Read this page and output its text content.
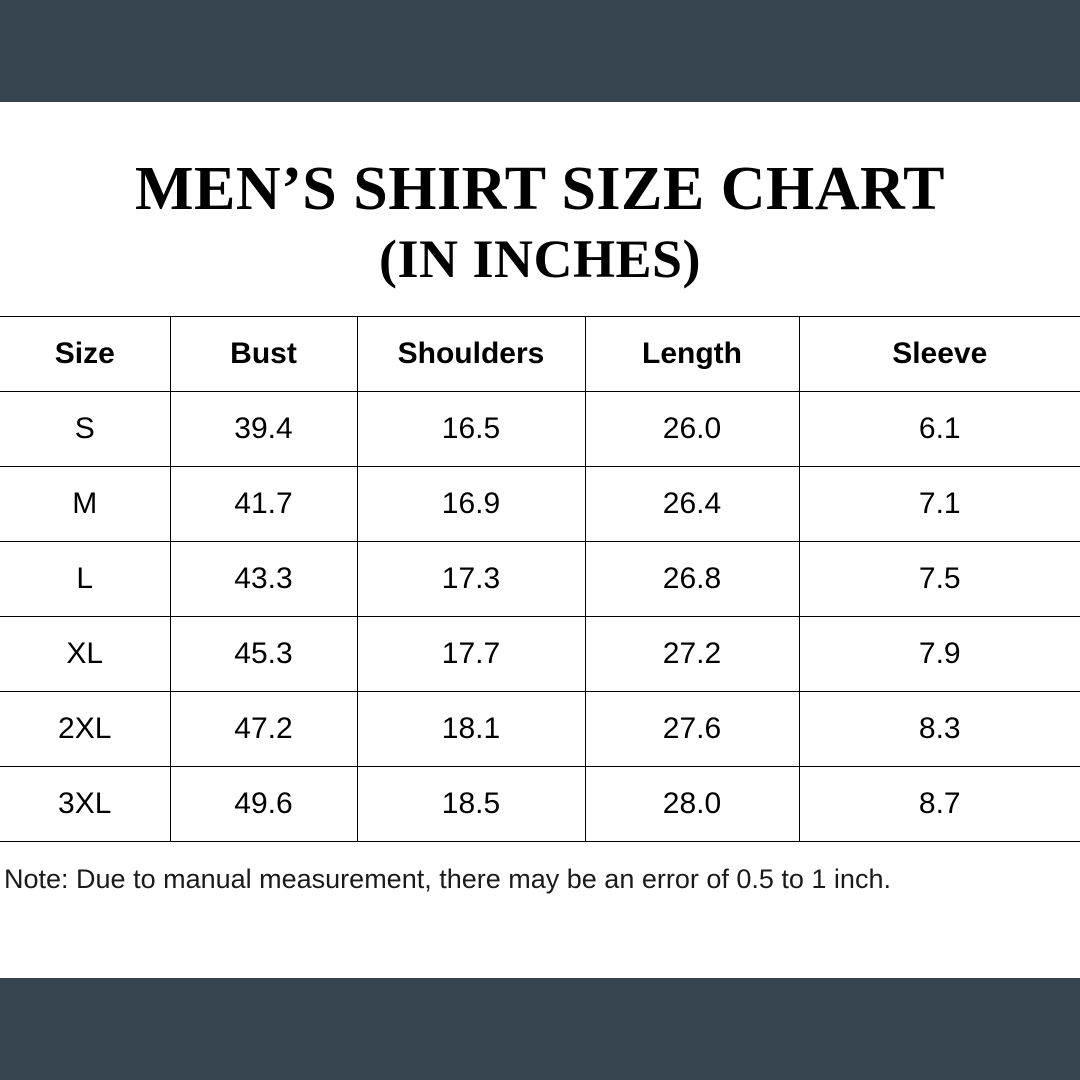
MEN’S SHIRT SIZE CHART
(IN INCHES)
Size	Bust	Shoulders	Length	Sleeve
S	39.4	16.5	26.0	6.1
M	41.7	16.9	26.4	7.1
L	43.3	17.3	26.8	7.5
XL	45.3	17.7	27.2	7.9
2XL	47.2	18.1	27.6	8.3
3XL	49.6	18.5	28.0	8.7
Note: Due to manual measurement, there may be an error of 0.5 to 1 inch.
